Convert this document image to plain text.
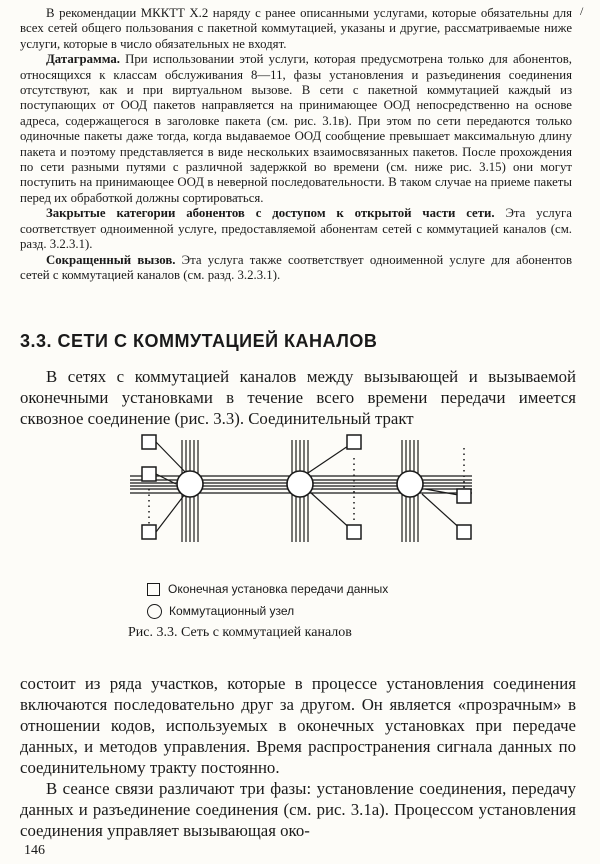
/

В рекомендации МККТТ Х.2 наряду с ранее описанными услугами, которые обязательны для всех сетей общего пользования с пакетной коммутацией, указаны и другие, рассматриваемые ниже услуги, которые в число обязательных не входят.

Датаграмма. При использовании этой услуги, которая предусмотрена только для абонентов, относящихся к классам обслуживания 8—11, фазы установления и разъединения соединения отсутствуют, как и при виртуальном вызове. В сети с пакетной коммутацией каждый из поступающих от ООД пакетов направляется на принимающее ООД непосредственно на основе адреса, содержащегося в заголовке пакета (см. рис. 3.1в). При этом по сети передаются только одиночные пакеты даже тогда, когда выдаваемое ООД сообщение превышает максимальную длину пакета и поэтому представляется в виде нескольких взаимосвязанных пакетов. После прохождения по сети разными путями с различной задержкой во времени (см. ниже рис. 3.15) они могут поступить на принимающее ООД в неверной последовательности. В таком случае на приеме пакеты перед их обработкой должны сортироваться.

Закрытые категории абонентов с доступом к открытой части сети. Эта услуга соответствует одноименной услуге, предоставляемой абонентам сетей с коммутацией каналов (см. разд. 3.2.3.1).

Сокращенный вызов. Эта услуга также соответствует одноименной услуге для абонентов сетей с коммутацией каналов (см. разд. 3.2.3.1).

3.3. СЕТИ С КОММУТАЦИЕЙ КАНАЛОВ

В сетях с коммутацией каналов между вызывающей и вызываемой оконечными установками в течение всего времени передачи имеется сквозное соединение (рис. 3.3). Соединительный тракт

Оконечная установка передачи данных
Коммутационный узел
Рис. 3.3. Сеть с коммутацией каналов

состоит из ряда участков, которые в процессе установления соединения включаются последовательно друг за другом. Он является «прозрачным» в отношении кодов, используемых в оконечных установках при передаче данных, и методов управления. Время распространения сигнала данных по соединительному тракту постоянно.

В сеансе связи различают три фазы: установление соединения, передачу данных и разъединение соединения (см. рис. 3.1а). Процессом установления соединения управляет вызывающая око-

146
